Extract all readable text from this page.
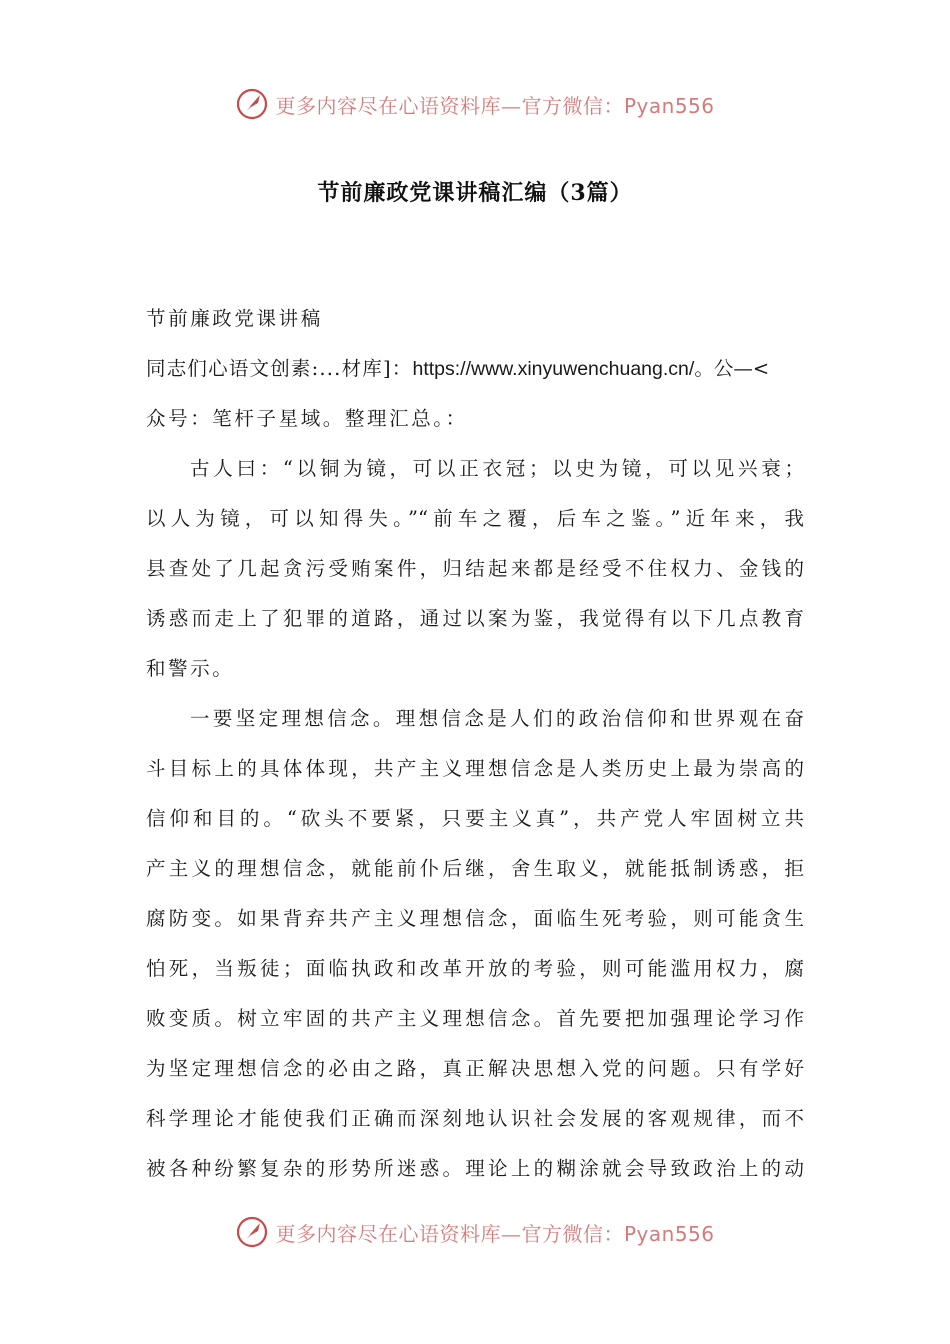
更多内容尽在心语资料库—官方微信：Pyan556
节前廉政党课讲稿汇编（3篇）
节前廉政党课讲稿
同志们心语文创素:...材库]：https://www.xinyuwenchuang.cn/。公—<
众号：笔杆子星域。整理汇总。：
古人曰：“以铜为镜，可以正衣冠；以史为镜，可以见兴衰；
以人为镜，可以知得失。”“前车之覆，后车之鉴。”近年来，我
县查处了几起贪污受贿案件，归结起来都是经受不住权力、金钱的
诱惑而走上了犯罪的道路，通过以案为鉴，我觉得有以下几点教育
和警示。
一要坚定理想信念。理想信念是人们的政治信仰和世界观在奋
斗目标上的具体体现，共产主义理想信念是人类历史上最为崇高的
信仰和目的。“砍头不要紧，只要主义真”，共产党人牢固树立共
产主义的理想信念，就能前仆后继，舍生取义，就能抵制诱惑，拒
腐防变。如果背弃共产主义理想信念，面临生死考验，则可能贪生
怕死，当叛徒；面临执政和改革开放的考验，则可能滥用权力，腐
败变质。树立牢固的共产主义理想信念。首先要把加强理论学习作
为坚定理想信念的必由之路，真正解决思想入党的问题。只有学好
科学理论才能使我们正确而深刻地认识社会发展的客观规律，而不
被各种纷繁复杂的形势所迷惑。理论上的糊涂就会导致政治上的动
更多内容尽在心语资料库—官方微信：Pyan556
